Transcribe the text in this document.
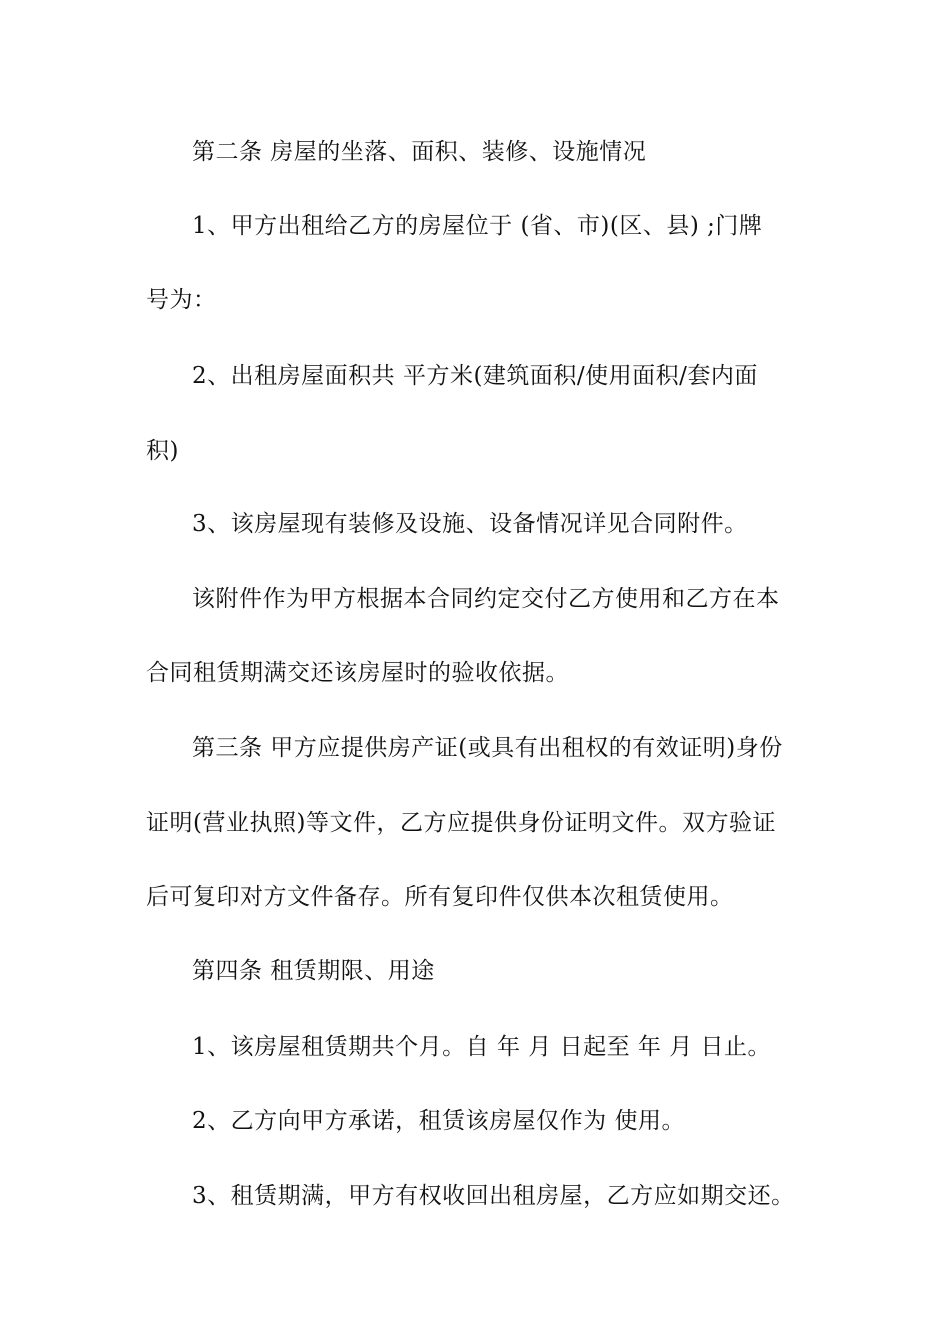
第二条 房屋的坐落、面积、装修、设施情况
1、甲方出租给乙方的房屋位于 (省、市)(区、县) ;门牌
号为：
2、出租房屋面积共 平方米(建筑面积/使用面积/套内面
积)
3、该房屋现有装修及设施、设备情况详见合同附件。
该附件作为甲方根据本合同约定交付乙方使用和乙方在本
合同租赁期满交还该房屋时的验收依据。
第三条 甲方应提供房产证(或具有出租权的有效证明)身份
证明(营业执照)等文件，乙方应提供身份证明文件。双方验证
后可复印对方文件备存。所有复印件仅供本次租赁使用。
第四条 租赁期限、用途
1、该房屋租赁期共个月。自 年 月 日起至 年 月 日止。
2、乙方向甲方承诺，租赁该房屋仅作为 使用。
3、租赁期满，甲方有权收回出租房屋，乙方应如期交还。
